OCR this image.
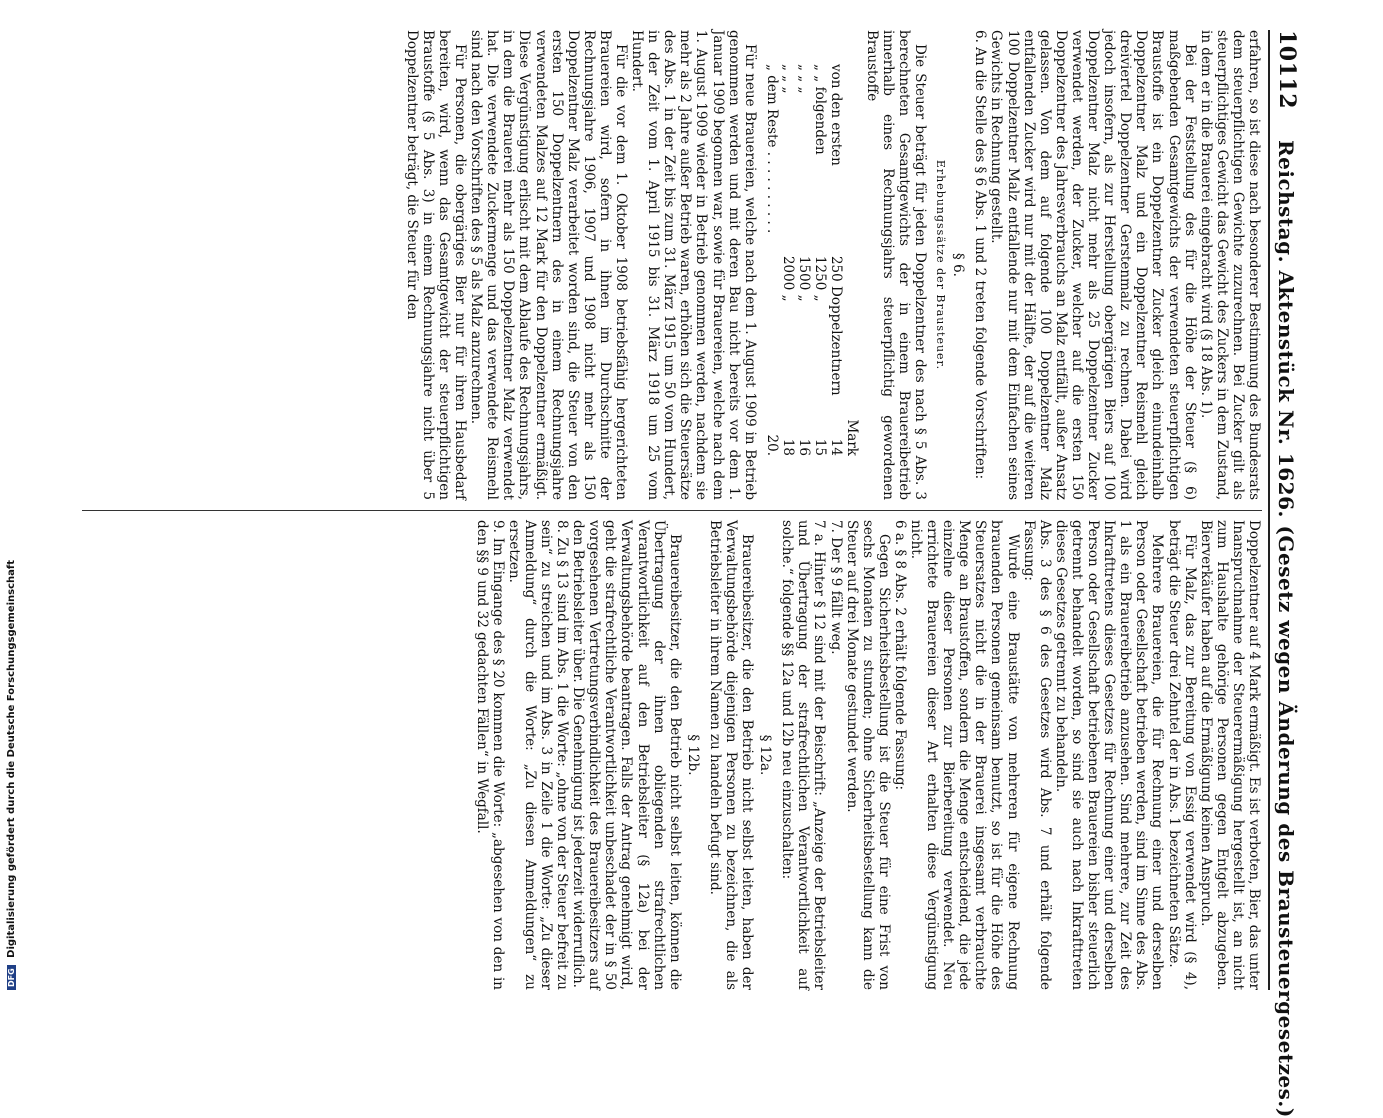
10112
Reichstag. Aktenstück Nr. 1626. (Gesetz wegen Änderung des Brausteuergesetzes.)

erfahren, so ist diese nach besonderer Bestimmung des Bundesrats dem steuerpflichtigen Gewichte zuzurechnen. Bei Zucker gilt als steuerpflichtiges Gewicht das Gewicht des Zuckers in dem Zustand, in dem er in die Brauerei eingebracht wird (§ 18 Abs. 1).

Bei der Feststellung des für die Höhe der Steuer (§ 6) maßgebenden Gesamtgewichts der verwendeten steuerpflichtigen Braustoffe ist ein Doppelzentner Zucker gleich einundeinhalb Doppelzentner Malz und ein Doppelzentner Reismehl gleich dreiviertel Doppelzentner Gerstenmalz zu rechnen. Dabei wird jedoch insofern, als zur Herstellung obergärigen Biers auf 100 Doppelzentner Malz nicht mehr als 25 Doppelzentner Zucker verwendet werden, der Zucker, welcher auf die ersten 150 Doppelzentner des Jahresverbrauchs an Malz entfällt, außer Ansatz gelassen. Von dem auf folgende 100 Doppelzentner Malz entfallenden Zucker wird nur mit der Hälfte, der auf die weiteren 100 Doppelzentner Malz entfallende nur mit dem Einfachen seines Gewichts in Rechnung gestellt.

6. An die Stelle des § 6 Abs. 1 und 2 treten folgende Vorschriften:

§ 6.

Erhebungssätze der Brausteuer.

Die Steuer beträgt für jeden Doppelzentner des nach § 5 Abs. 3 berechneten Gesamtgewichts der in einem Brauereibetrieb innerhalb eines Rechnungsjahrs steuerpflichtig gewordenen Braustoffe

		Mark
von den ersten	250 Doppelzentnern	14
„ „ folgenden	1250 „	15
„ „ „	1500 „	16
„ „ „	2000 „	18
„ dem Reste . . . . . . . . . .		20.

Für neue Brauereien, welche nach dem 1. August 1909 in Betrieb genommen werden und mit deren Bau nicht bereits vor dem 1. Januar 1909 begonnen war, sowie für Brauereien, welche nach dem 1. August 1909 wieder in Betrieb genommen werden, nachdem sie mehr als 2 Jahre außer Betrieb waren, erhöhen sich die Steuersätze des Abs. 1 in der Zeit bis zum 31. März 1915 um 50 vom Hundert, in der Zeit vom 1. April 1915 bis 31. März 1918 um 25 vom Hundert.

Für die vor dem 1. Oktober 1908 betriebsfähig hergerichteten Brauereien wird, sofern in ihnen im Durchschnitte der Rechnungsjahre 1906, 1907 und 1908 nicht mehr als 150 Doppelzentner Malz verarbeitet worden sind, die Steuer von den ersten 150 Doppelzentnern des in einem Rechnungsjahre verwendeten Malzes auf 12 Mark für den Doppelzentner ermäßigt. Diese Vergünstigung erlischt mit dem Ablaufe des Rechnungsjahrs, in dem die Brauerei mehr als 150 Doppelzentner Malz verwendet hat. Die verwendete Zuckermenge und das verwendete Reismehl sind nach den Vorschriften des § 5 als Malz anzurechnen.

Für Personen, die obergäriges Bier nur für ihren Hausbedarf bereiten, wird, wenn das Gesamtgewicht der steuerpflichtigen Braustoffe (§ 5 Abs. 3) in einem Rechnungsjahre nicht über 5 Doppelzentner beträgt, die Steuer für den

Doppelzentner auf 4 Mark ermäßigt. Es ist verboten, Bier, das unter Inanspruchnahme der Steuerermäßigung hergestellt ist, an nicht zum Haushalte gehörige Personen gegen Entgelt abzugeben. Bierverkäufer haben auf die Ermäßigung keinen Anspruch.

Für Malz, das zur Bereitung von Essig verwendet wird (§ 4), beträgt die Steuer drei Zehntel der in Abs. 1 bezeichneten Sätze.

Mehrere Brauereien, die für Rechnung einer und derselben Person oder Gesellschaft betrieben werden, sind im Sinne des Abs. 1 als ein Brauereibetrieb anzusehen. Sind mehrere, zur Zeit des Inkrafttretens dieses Gesetzes für Rechnung einer und derselben Person oder Gesellschaft betriebenen Brauereien bisher steuerlich getrennt behandelt worden, so sind sie auch nach Inkrafttreten dieses Gesetzes getrennt zu behandeln.

Abs. 3 des § 6 des Gesetzes wird Abs. 7 und erhält folgende Fassung:

Wurde eine Braustätte von mehreren für eigene Rechnung brauenden Personen gemeinsam benutzt, so ist für die Höhe des Steuersatzes nicht die in der Brauerei insgesamt verbrauchte Menge an Braustoffen, sondern die Menge entscheidend, die jede einzelne dieser Personen zur Bierbereitung verwendet. Neu errichtete Brauereien dieser Art erhalten diese Vergünstigung nicht.

6 a. § 8 Abs. 2 erhält folgende Fassung:

Gegen Sicherheitsbestellung ist die Steuer für eine Frist von sechs Monaten zu stunden; ohne Sicherheitsbestellung kann die Steuer auf drei Monate gestundet werden.

7. Der § 9 fällt weg.

7 a. Hinter § 12 sind mit der Beischrift: „Anzeige der Betriebsleiter und Übertragung der strafrechtlichen Verantwortlichkeit auf solche.“ folgende §§ 12a und 12b neu einzuschalten:

§ 12a.

Brauereibesitzer, die den Betrieb nicht selbst leiten, haben der Verwaltungsbehörde diejenigen Personen zu bezeichnen, die als Betriebsleiter in ihrem Namen zu handeln befugt sind.

§ 12b.

Brauereibesitzer, die den Betrieb nicht selbst leiten, können die Übertragung der ihnen obliegenden strafrechtlichen Verantwortlichkeit auf den Betriebsleiter (§ 12a) bei der Verwaltungsbehörde beantragen. Falls der Antrag genehmigt wird, geht die strafrechtliche Verantwortlichkeit unbeschadet der in § 50 vorgesehenen Vertretungsverbindlichkeit des Brauereibesitzers auf den Betriebsleiter über. Die Genehmigung ist jederzeit widerruflich.

8. Zu § 13 sind im Abs. 1 die Worte: „ohne von der Steuer befreit zu sein“ zu streichen und im Abs. 3 in Zeile 1 die Worte: „Zu dieser Anmeldung“ durch die Worte: „Zu diesen Anmeldungen“ zu ersetzen.

9. Im Eingange des § 20 kommen die Worte: „abgesehen von den in den §§ 9 und 32 gedachten Fällen“ in Wegfall.

DFG Digitalisierung gefördert durch die Deutsche Forschungsgemeinschaft
